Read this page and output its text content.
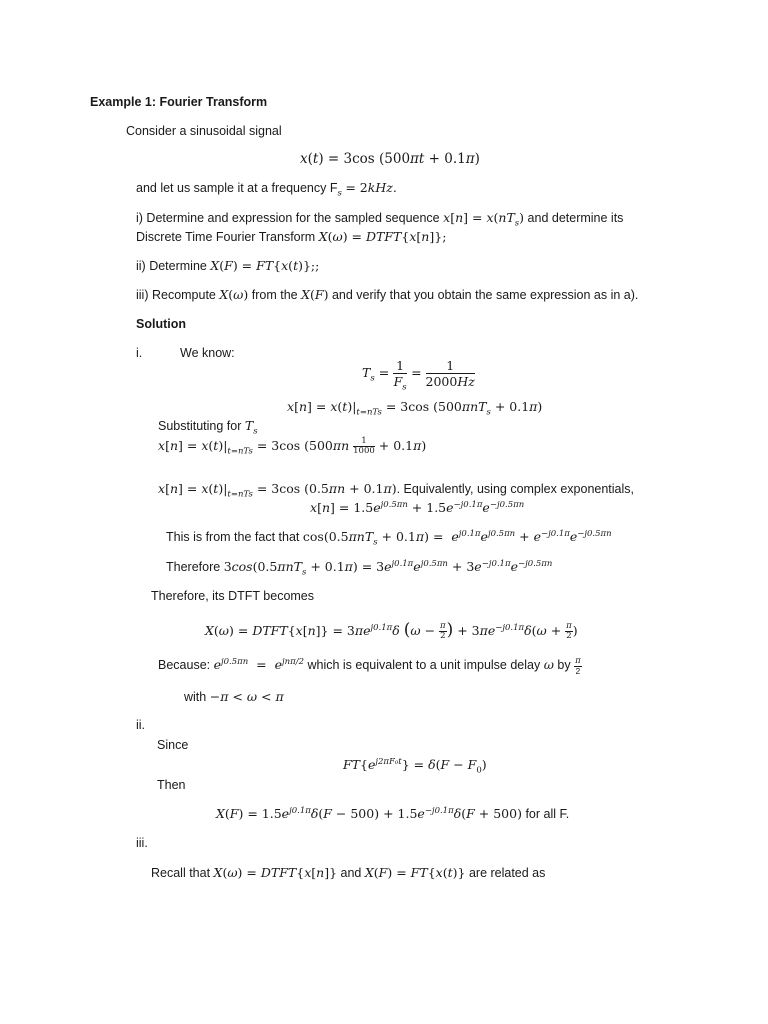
Example 1: Fourier Transform
Consider a sinusoidal signal
x(t) = 3cos (500πt + 0.1π)
and let us sample it at a frequency $F_s = 2kHz$.
i) Determine and expression for the sampled sequence $x[n] = x(nT_s)$ and determine its
Discrete Time Fourier Transform X(ω) = DTFT{x[n]};
ii) Determine X(F) = FT{x(t)};;
iii) Recompute X(ω) from the X(F) and verify that you obtain the same expression as in a).
Solution
i.	We know:
$T_s = \frac{1}{F_s} = \frac{1}{2000Hz}$
$x[n] = x(t)|_{t=nTs} = 3\cos$ (500πnT$_s$ + 0.1π)
Substituting for $T_s$
$x[n] = x(t)|_{t=nTs} = 3\cos$ $(500\pi n \frac{1}{1000} + 0.1\pi)$
$x[n] = x(t)|_{t=nTs} = 3\cos$ (0.5πn + 0.1π). Equivalently, using complex exponentials,
$x[n] = 1.5e^{j0.5\pi n} + 1.5e^{-j0.1\pi}e^{-j0.5\pi n}$
This is from the fact that $\cos(0.5\pi nT_s + 0.1\pi) = e^{j0.1\pi}e^{j0.5\pi n} + e^{-j0.1\pi}e^{-j0.5\pi n}$
Therefore $3\cos(0.5\pi nT_s + 0.1\pi) = 3e^{j0.1\pi}e^{j0.5\pi n} + 3e^{-j0.1\pi}e^{-j0.5\pi n}$
Therefore, its DTFT becomes
X(ω) = DTFT{x[n]} = $3\pi e^{j0.1\pi}\delta$ ($\omega - \frac{\pi}{2}$ ) + $3\pi e^{-j0.1\pi}\delta(\omega + \frac{\pi}{2}$ )
Because: $e^{j0.5\pi n} = e^{jn\pi/2}$ which is equivalent to a unit impulse delay ω by $\frac{\pi}{2}$
with −π < ω < π
ii.
Since
$FT\{e^{j2\pi F_0t}\} = \delta(F - F_0)$
Then
$X(F) = 1.5e^{j0.1\pi}\delta(F - 500) + 1.5e^{-j0.1\pi}\delta(F + 500)$ for all F.
iii.
Recall that X(ω) = DTFT{x[n]} and X(F) = FT{x(t)} are related as
